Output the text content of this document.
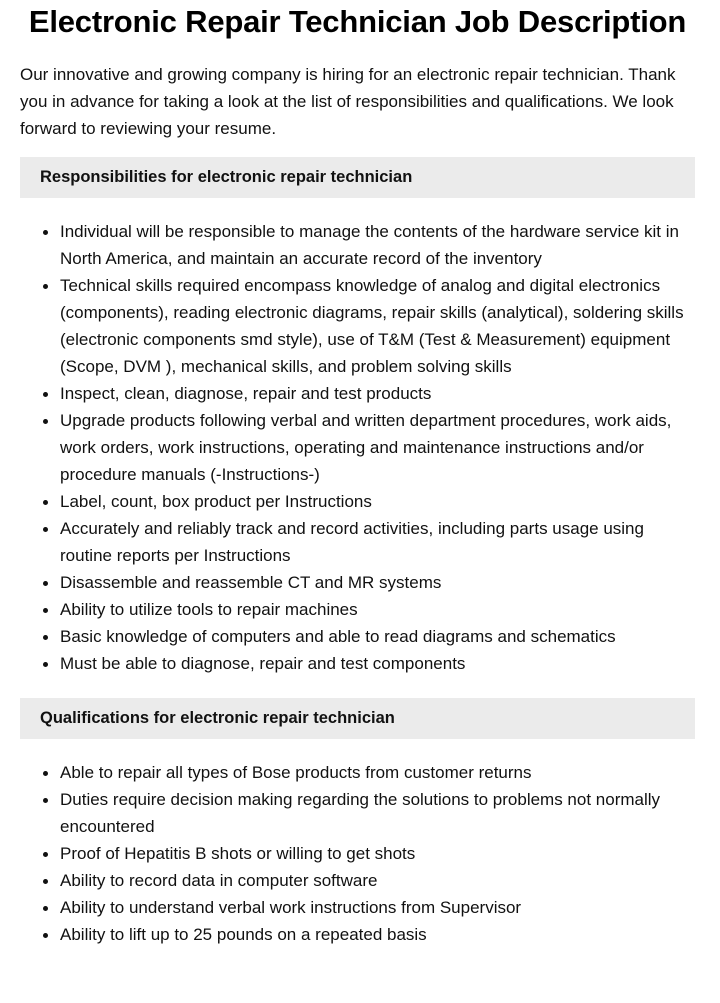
Electronic Repair Technician Job Description

Our innovative and growing company is hiring for an electronic repair technician. Thank you in advance for taking a look at the list of responsibilities and qualifications. We look forward to reviewing your resume.

Responsibilities for electronic repair technician
Individual will be responsible to manage the contents of the hardware service kit in North America, and maintain an accurate record of the inventory
Technical skills required encompass knowledge of analog and digital electronics (components), reading electronic diagrams, repair skills (analytical), soldering skills (electronic components smd style), use of T&M (Test & Measurement) equipment (Scope, DVM ), mechanical skills, and problem solving skills
Inspect, clean, diagnose, repair and test products
Upgrade products following verbal and written department procedures, work aids, work orders, work instructions, operating and maintenance instructions and/or procedure manuals (-Instructions-)
Label, count, box product per Instructions
Accurately and reliably track and record activities, including parts usage using routine reports per Instructions
Disassemble and reassemble CT and MR systems
Ability to utilize tools to repair machines
Basic knowledge of computers and able to read diagrams and schematics
Must be able to diagnose, repair and test components
Qualifications for electronic repair technician
Able to repair all types of Bose products from customer returns
Duties require decision making regarding the solutions to problems not normally encountered
Proof of Hepatitis B shots or willing to get shots
Ability to record data in computer software
Ability to understand verbal work instructions from Supervisor
Ability to lift up to 25 pounds on a repeated basis
